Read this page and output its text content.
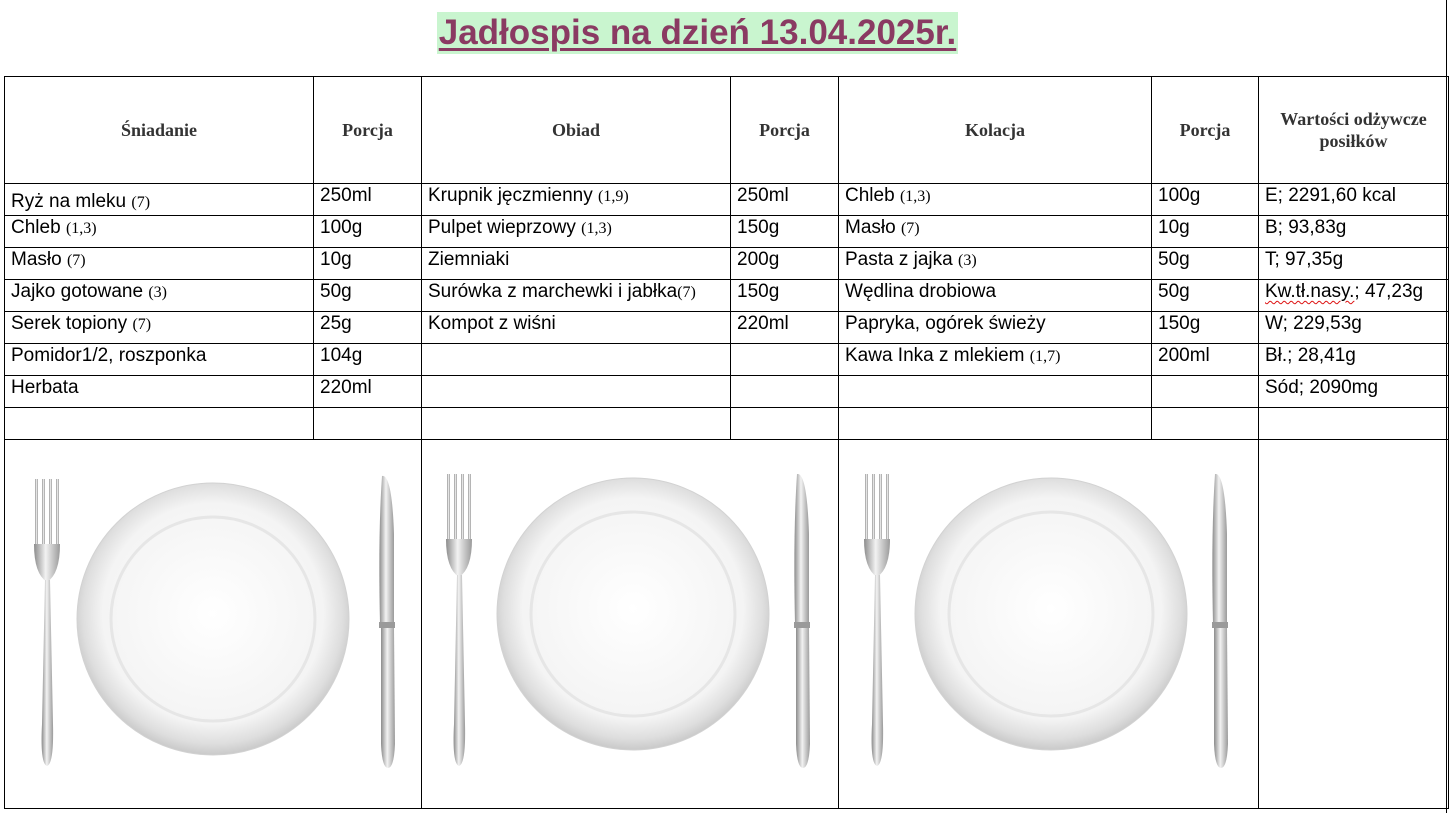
Jadłospis na dzień 13.04.2025r.
Śniadanie	Porcja	Obiad	Porcja	Kolacja	Porcja	Wartości odżywcze posiłków
Ryż na mleku (7)	250ml	Krupnik jęczmienny (1,9)	250ml	Chleb (1,3)	100g	E; 2291,60 kcal
Chleb (1,3)	100g	Pulpet wieprzowy (1,3)	150g	Masło (7)	10g	B; 93,83g
Masło (7)	10g	Ziemniaki	200g	Pasta z jajka (3)	50g	T; 97,35g
Jajko gotowane (3)	50g	Surówka z marchewki i jabłka(7)	150g	Wędlina drobiowa	50g	Kw.tł.nasy.; 47,23g
Serek topiony (7)	25g	Kompot z wiśni	220ml	Papryka, ogórek świeży	150g	W; 229,53g
Pomidor1/2, roszponka	104g			Kawa Inka z mlekiem (1,7)	200ml	Bł.; 28,41g
Herbata	220ml					Sód; 2090mg
